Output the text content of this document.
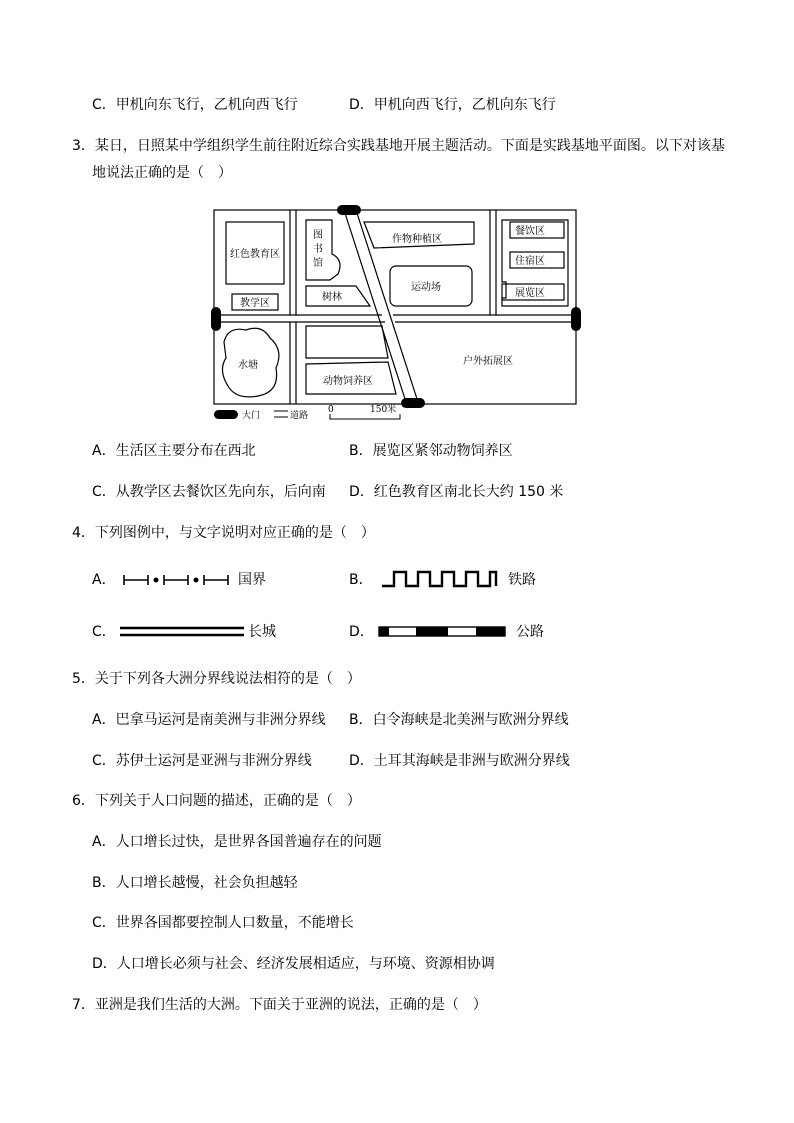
C．甲机向东飞行，乙机向西飞行	D．甲机向西飞行，乙机向东飞行
3．某日，日照某中学组织学生前往附近综合实践基地开展主题活动。下面是实践基地平面图。以下对该基
地说法正确的是（　）
红色教育区
教学区
图
书
馆
树林
作物种植区
运动场
餐饮区
住宿区
展览区
水塘
动物饲养区
户外拓展区
大门	道路
0	150米
A．生活区主要分布在西北	B．展览区紧邻动物饲养区
C．从教学区去餐饮区先向东，后向南 D．红色教育区南北长大约 150 米
4．下列图例中，与文字说明对应正确的是（　）
A．	国界	B．	铁路
C．	长城	D．	公路
5．关于下列各大洲分界线说法相符的是（　）
A．巴拿马运河是南美洲与非洲分界线 B．白令海峡是北美洲与欧洲分界线
C．苏伊士运河是亚洲与非洲分界线	D．土耳其海峡是非洲与欧洲分界线
6．下列关于人口问题的描述，正确的是（　）
A．人口增长过快，是世界各国普遍存在的问题
B．人口增长越慢，社会负担越轻
C．世界各国都要控制人口数量，不能增长
D．人口增长必须与社会、经济发展相适应，与环境、资源相协调
7．亚洲是我们生活的大洲。下面关于亚洲的说法，正确的是（　）
